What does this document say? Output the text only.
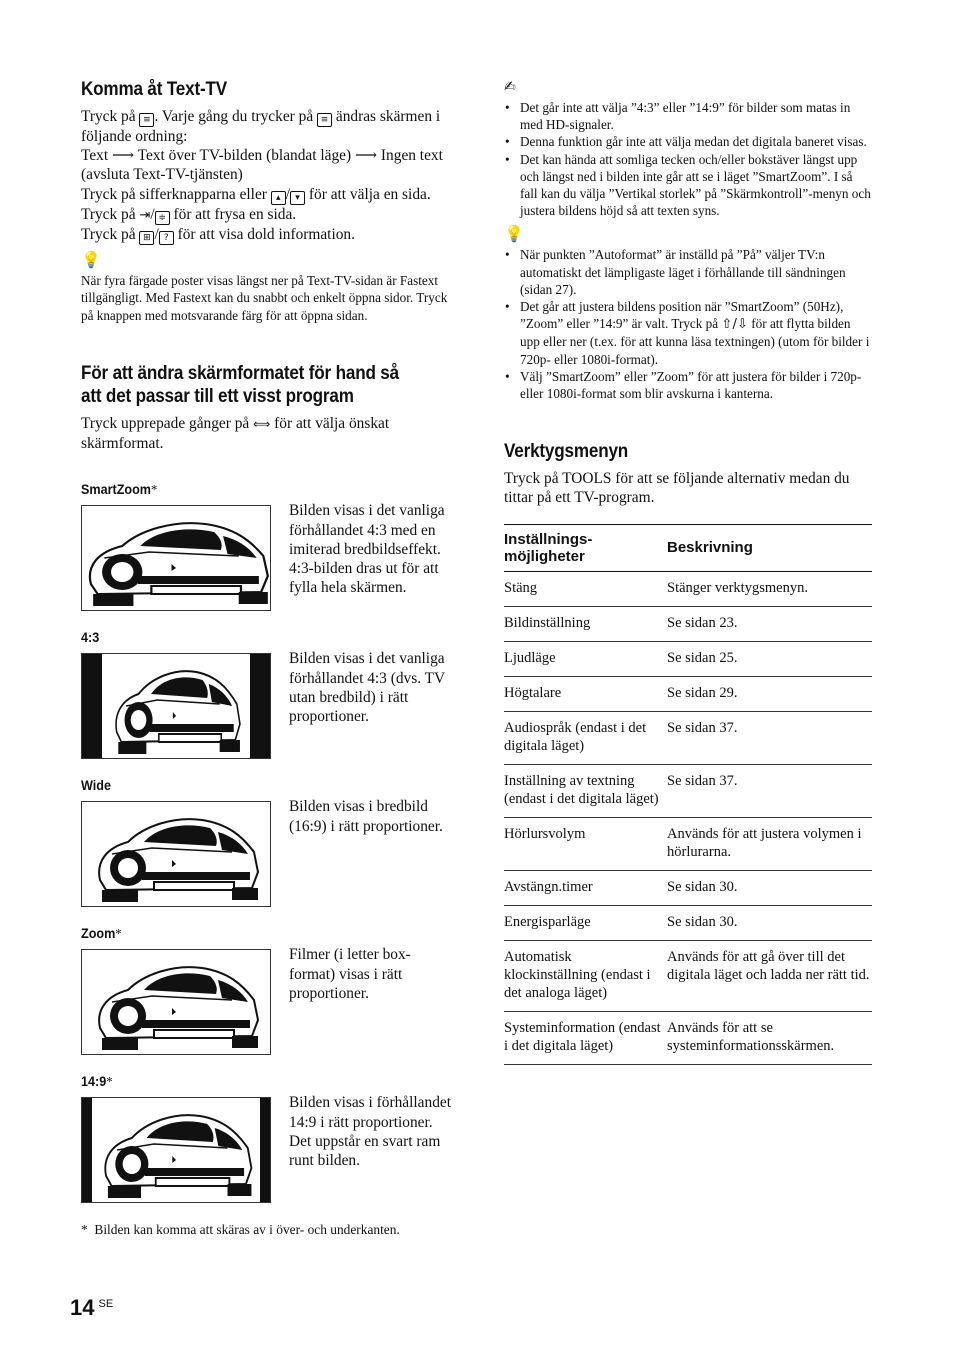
Komma åt Text-TV

Tryck på ≡ . Varje gång du trycker på ≡ ändras skärmen i följande ordning:

Text ⟶ Text över TV-bilden (blandat läge) ⟶ Ingen text (avsluta Text-TV-tjänsten)

Tryck på sifferknapparna eller ▴ / ▾ för att välja en sida.

Tryck på ⇥/ ≑ för att frysa en sida.

Tryck på ⊞ / ? för att visa dold information.

💡

När fyra färgade poster visas längst ner på Text-TV-sidan är Fastext tillgängligt. Med Fastext kan du snabbt och enkelt öppna sidor. Tryck på knappen med motsvarande färg för att öppna sidan.

För att ändra skärmformatet för hand så att det passar till ett visst program

Tryck upprepade gånger på ⟺ för att välja önskat skärmformat.

SmartZoom*
Bilden visas i det vanliga förhållandet 4:3 med en imiterad bredbildseffekt. 4:3-bilden dras ut för att fylla hela skärmen.
4:3
Bilden visas i det vanliga förhållandet 4:3 (dvs. TV utan bredbild) i rätt proportioner.
Wide
Bilden visas i bredbild (16:9) i rätt proportioner.
Zoom*
Filmer (i letter box-format) visas i rätt proportioner.
14:9*
Bilden visas i förhållandet 14:9 i rätt proportioner. Det uppstår en svart ram runt bilden.

* Bilden kan komma att skäras av i över- och underkanten.

✍
• Det går inte att välja ”4:3” eller ”14:9” för bilder som matas in med HD-signaler.
• Denna funktion går inte att välja medan det digitala baneret visas.
• Det kan hända att somliga tecken och/eller bokstäver längst upp och längst ned i bilden inte går att se i läget ”SmartZoom”. I så fall kan du välja ”Vertikal storlek” på ”Skärmkontroll”-menyn och justera bildens höjd så att texten syns.
💡
• När punkten ”Autoformat” är inställd på ”På” väljer TV:n automatiskt det lämpligaste läget i förhållande till sändningen (sidan 27).
• Det går att justera bildens position när ”SmartZoom” (50Hz), ”Zoom” eller ”14:9” är valt. Tryck på ⇧/⇩ för att flytta bilden upp eller ner (t.ex. för att kunna läsa textningen) (utom för bilder i 720p- eller 1080i-format).
• Välj ”SmartZoom” eller ”Zoom” för att justera för bilder i 720p- eller 1080i-format som blir avskurna i kanterna.
Verktygsmenyn

Tryck på TOOLS för att se följande alternativ medan du tittar på ett TV-program.

Inställnings-
möjligheter	Beskrivning
Stäng	Stänger verktygsmenyn.
Bildinställning	Se sidan 23.
Ljudläge	Se sidan 25.
Högtalare	Se sidan 29.
Audiospråk (endast i det digitala läget)	Se sidan 37.
Inställning av textning (endast i det digitala läget)	Se sidan 37.
Hörlursvolym	Används för att justera volymen i hörlurarna.
Avstängn.timer	Se sidan 30.
Energisparläge	Se sidan 30.
Automatisk klockinställning (endast i det analoga läget)	Används för att gå över till det digitala läget och ladda ner rätt tid.
Systeminformation (endast i det digitala läget)	Används för att se systeminformationsskärmen.
14 $^{SE}$
